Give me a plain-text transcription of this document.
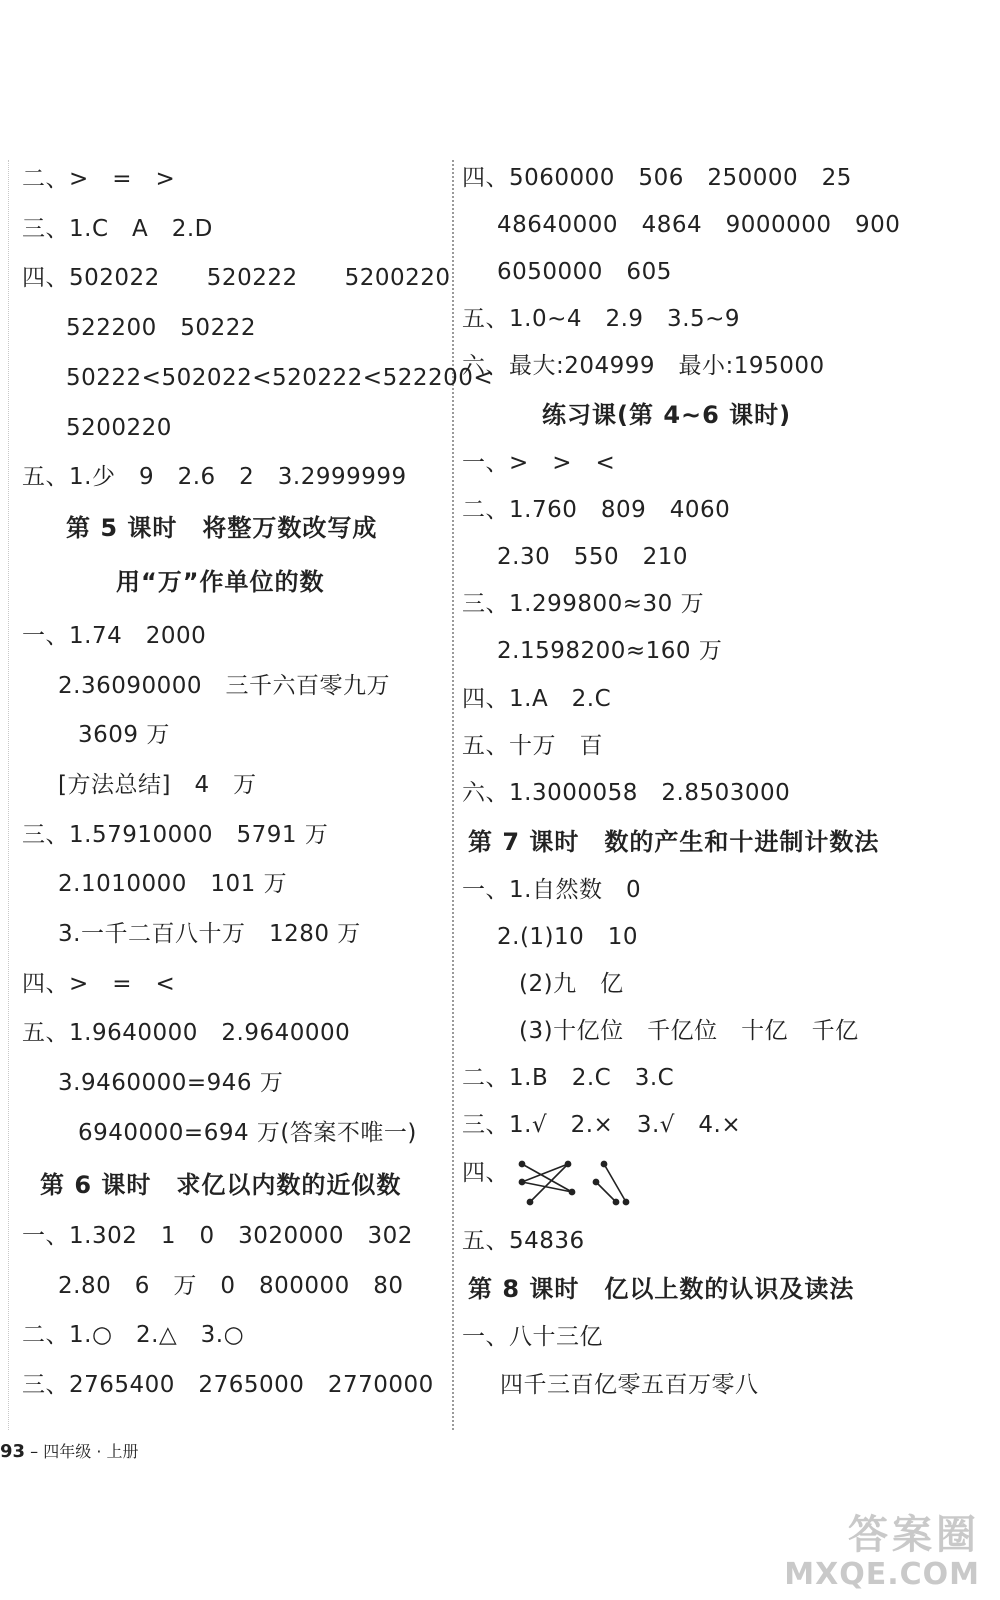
二、>　=　>
三、1.C　A　2.D
四、502022　　520222　　5200220
522200　50222
50222<502022<520222<522200<
5200220
五、1.少　9　2.6　2　3.2999999
第 5 课时　将整万数改写成
用“万”作单位的数
一、1.74　2000
2.36090000　三千六百零九万
3609 万
[方法总结]　4　万
三、1.57910000　5791 万
2.1010000　101 万
3.一千二百八十万　1280 万
四、>　=　<
五、1.9640000　2.9640000
3.9460000=946 万
6940000=694 万(答案不唯一)
第 6 课时　求亿以内数的近似数
一、1.302　1　0　3020000　302
2.80　6　万　0　800000　80
二、1.○　2.△　3.○
三、2765400　2765000　2770000
四、5060000　506　250000　25
48640000　4864　9000000　900
6050000　605
五、1.0~4　2.9　3.5~9
六、最大:204999　最小:195000
练习课(第 4~6 课时)
一、>　>　<
二、1.760　809　4060
2.30　550　210
三、1.299800≈30 万
2.1598200≈160 万
四、1.A　2.C
五、十万　百
六、1.3000058　2.8503000
第 7 课时　数的产生和十进制计数法
一、1.自然数　0
2.(1)10　10
(2)九　亿
(3)十亿位　千亿位　十亿　千亿
二、1.B　2.C　3.C
三、1.√　2.×　3.√　4.×
四、
五、54836
第 8 课时　亿以上数的认识及读法
一、八十三亿
四千三百亿零五百万零八
93 – 四年级 · 上册
答案圈
MXQE.COM
